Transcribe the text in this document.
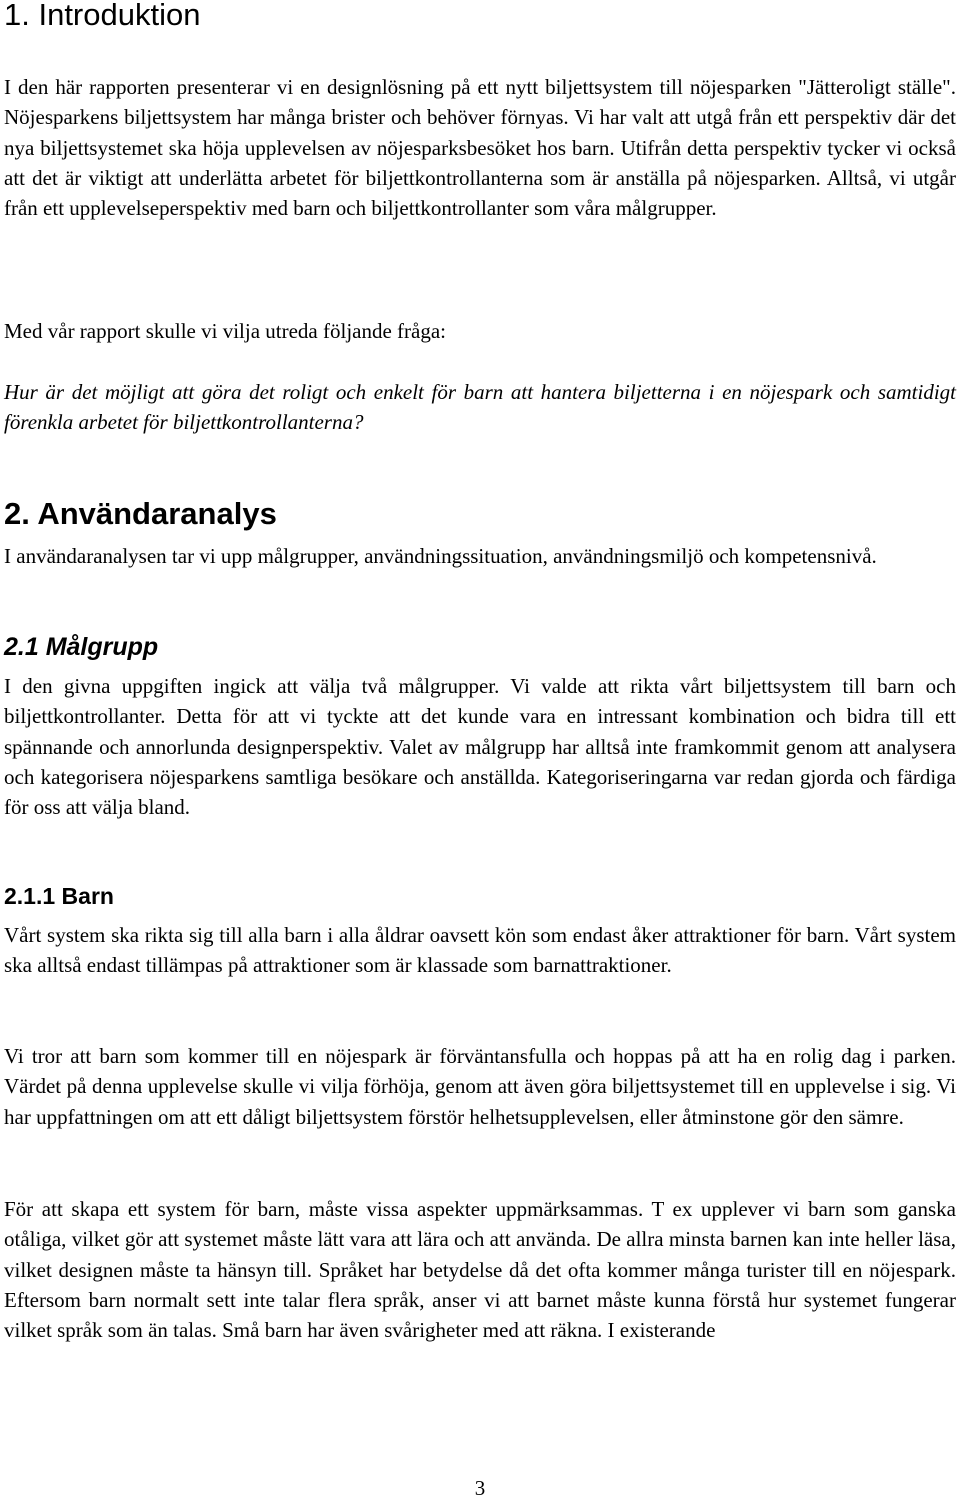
1. Introduktion

I den här rapporten presenterar vi en designlösning på ett nytt biljettsystem till nöjesparken "Jätteroligt ställe". Nöjesparkens biljettsystem har många brister och behöver förnyas. Vi har valt att utgå från ett perspektiv där det nya biljettsystemet ska höja upplevelsen av nöjesparksbesöket hos barn. Utifrån detta perspektiv tycker vi också att det är viktigt att underlätta arbetet för biljettkontrollanterna som är anställa på nöjesparken. Alltså, vi utgår från ett upplevelseperspektiv med barn och biljettkontrollanter som våra målgrupper.

Med vår rapport skulle vi vilja utreda följande fråga:

Hur är det möjligt att göra det roligt och enkelt för barn att hantera biljetterna i en nöjespark och samtidigt förenkla arbetet för biljettkontrollanterna?

2. Användaranalys

I användaranalysen tar vi upp målgrupper, användningssituation, användningsmiljö och kompetensnivå.

2.1 Målgrupp

I den givna uppgiften ingick att välja två målgrupper. Vi valde att rikta vårt biljettsystem till barn och biljettkontrollanter. Detta för att vi tyckte att det kunde vara en intressant kombination och bidra till ett spännande och annorlunda designperspektiv. Valet av målgrupp har alltså inte framkommit genom att analysera och kategorisera nöjesparkens samtliga besökare och anställda. Kategoriseringarna var redan gjorda och färdiga för oss att välja bland.

2.1.1 Barn

Vårt system ska rikta sig till alla barn i alla åldrar oavsett kön som endast åker attraktioner för barn. Vårt system ska alltså endast tillämpas på attraktioner som är klassade som barnattraktioner.

Vi tror att barn som kommer till en nöjespark är förväntansfulla och hoppas på att ha en rolig dag i parken. Värdet på denna upplevelse skulle vi vilja förhöja, genom att även göra biljettsystemet till en upplevelse i sig. Vi har uppfattningen om att ett dåligt biljettsystem förstör helhetsupplevelsen, eller åtminstone gör den sämre.

För att skapa ett system för barn, måste vissa aspekter uppmärksammas. T ex upplever vi barn som ganska otåliga, vilket gör att systemet måste lätt vara att lära och att använda. De allra minsta barnen kan inte heller läsa, vilket designen måste ta hänsyn till. Språket har betydelse då det ofta kommer många turister till en nöjespark. Eftersom barn normalt sett inte talar flera språk, anser vi att barnet måste kunna förstå hur systemet fungerar vilket språk som än talas. Små barn har även svårigheter med att räkna. I existerande

3
